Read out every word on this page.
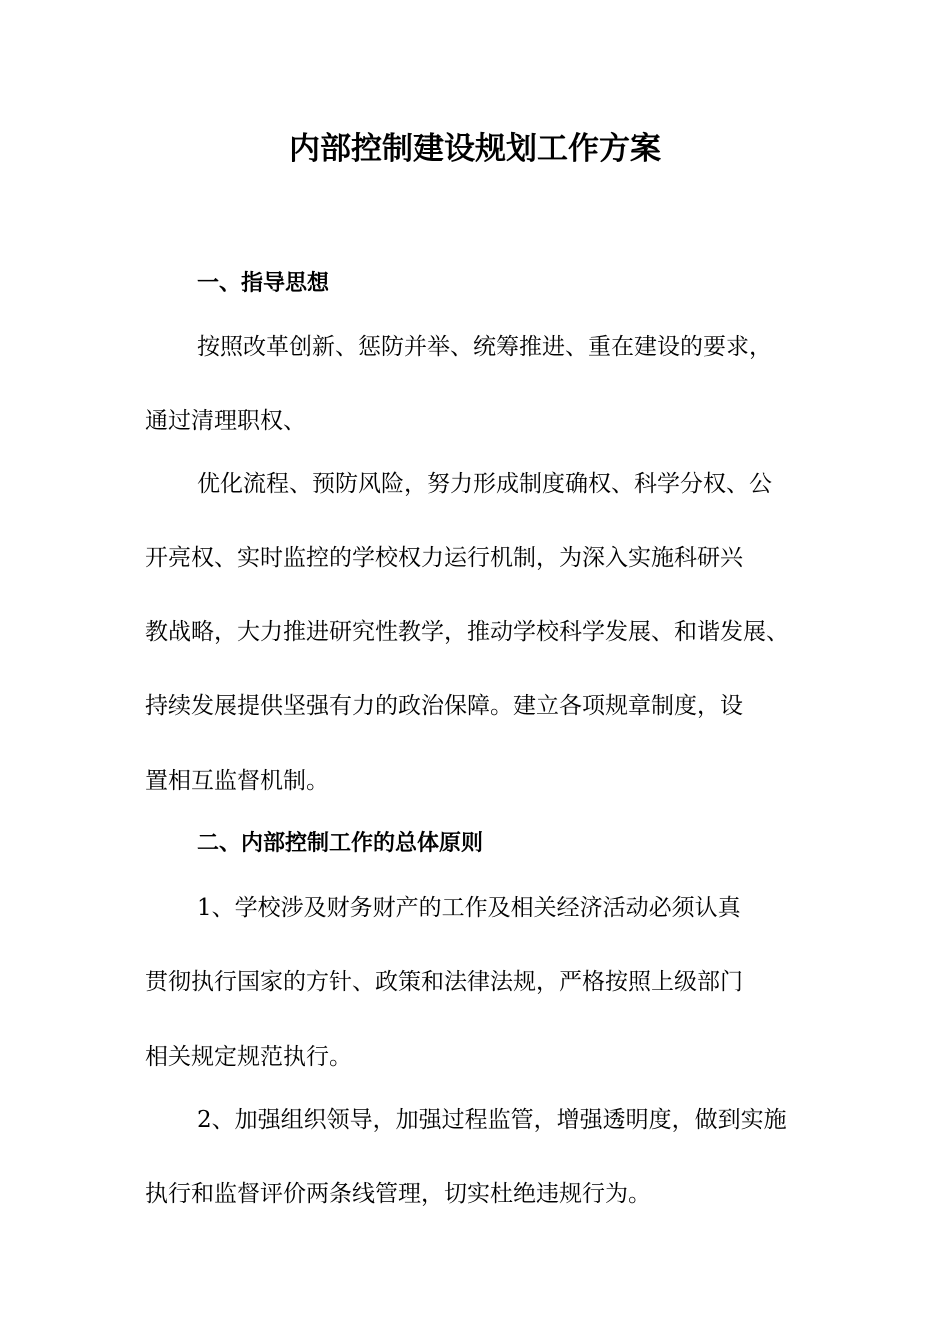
内部控制建设规划工作方案
一、指导思想

按照改革创新、惩防并举、统筹推进、重在建设的要求，

通过清理职权、

优化流程、预防风险，努力形成制度确权、科学分权、公

开亮权、实时监控的学校权力运行机制，为深入实施科研兴

教战略，大力推进研究性教学，推动学校科学发展、和谐发展、

持续发展提供坚强有力的政治保障。建立各项规章制度，设

置相互监督机制。

二、内部控制工作的总体原则

1、学校涉及财务财产的工作及相关经济活动必须认真

贯彻执行国家的方针、政策和法律法规，严格按照上级部门

相关规定规范执行。

2、加强组织领导，加强过程监管，增强透明度，做到实施

执行和监督评价两条线管理，切实杜绝违规行为。
